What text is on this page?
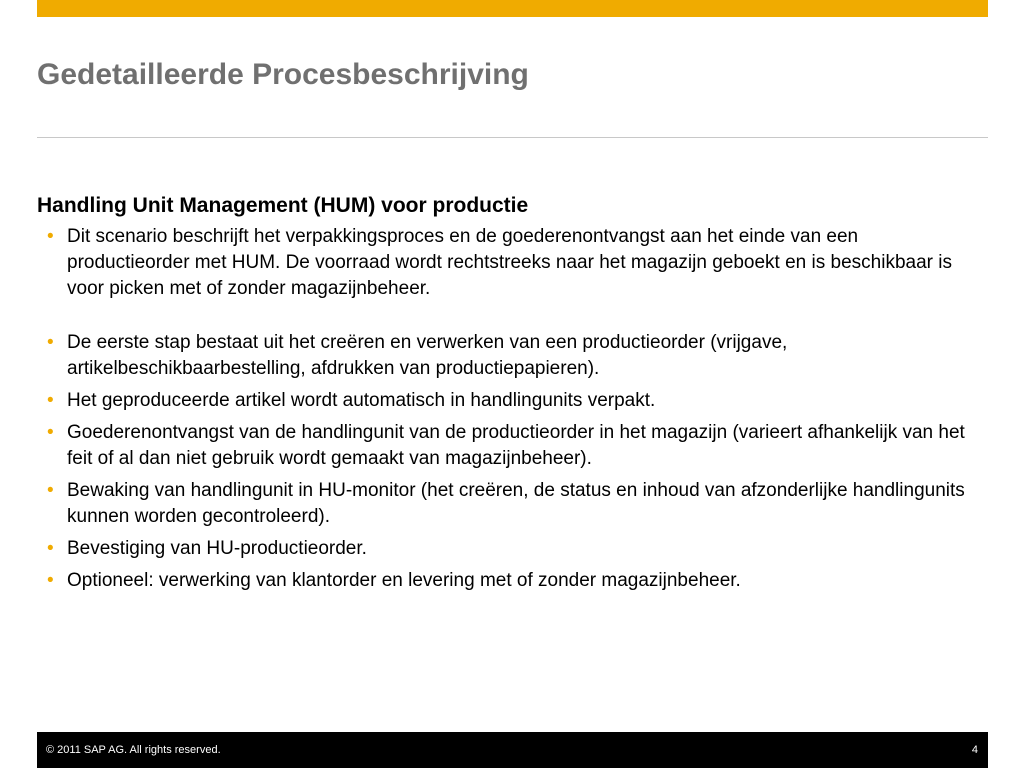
Gedetailleerde Procesbeschrijving
Handling Unit Management (HUM) voor productie
• Dit scenario beschrijft het verpakkingsproces en de goederenontvangst aan het einde van een productieorder met HUM. De voorraad wordt rechtstreeks naar het magazijn geboekt en is beschikbaar is voor picken met of zonder magazijnbeheer.
• De eerste stap bestaat uit het creëren en verwerken van een productieorder (vrijgave, artikelbeschikbaarbestelling, afdrukken van productiepapieren).
• Het geproduceerde artikel wordt automatisch in handlingunits verpakt.
• Goederenontvangst van de handlingunit van de productieorder in het magazijn (varieert afhankelijk van het feit of al dan niet gebruik wordt gemaakt van magazijnbeheer).
• Bewaking van handlingunit in HU-monitor (het creëren, de status en inhoud van afzonderlijke handlingunits kunnen worden gecontroleerd).
• Bevestiging van HU-productieorder.
• Optioneel: verwerking van klantorder en levering met of zonder magazijnbeheer.
© 2011 SAP AG. All rights reserved.	4
